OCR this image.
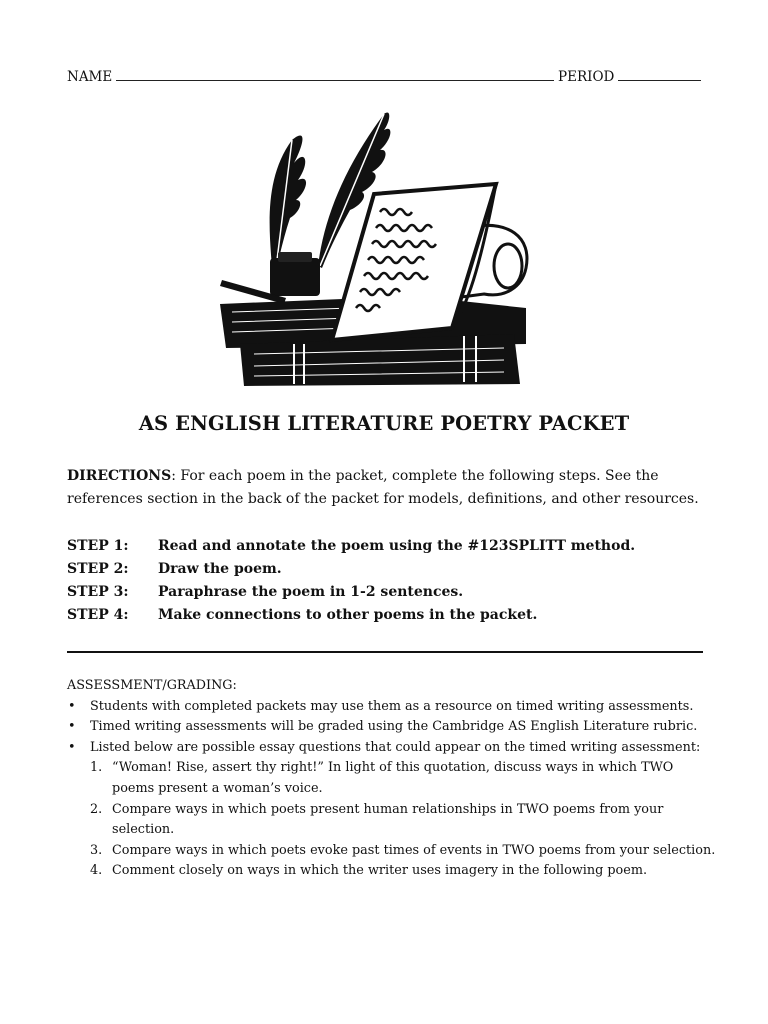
NAME	PERIOD
AS ENGLISH LITERATURE POETRY PACKET
DIRECTIONS: For each poem in the packet, complete the following steps. See the references section in the back of the packet for models, definitions, and other resources.
STEP 1:	Read and annotate the poem using the #123SPLITT method.
STEP 2:	Draw the poem.
STEP 3:	Paraphrase the poem in 1-2 sentences.
STEP 4:	Make connections to other poems in the packet.
ASSESSMENT/GRADING:
• Students with completed packets may use them as a resource on timed writing assessments.
• Timed writing assessments will be graded using the Cambridge AS English Literature rubric.
• Listed below are possible essay questions that could appear on the timed writing assessment:
1. “Woman! Rise, assert thy right!” In light of this quotation, discuss ways in which TWO poems present a woman’s voice.
2. Compare ways in which poets present human relationships in TWO poems from your selection.
3. Compare ways in which poets evoke past times of events in TWO poems from your selection.
4. Comment closely on ways in which the writer uses imagery in the following poem.
